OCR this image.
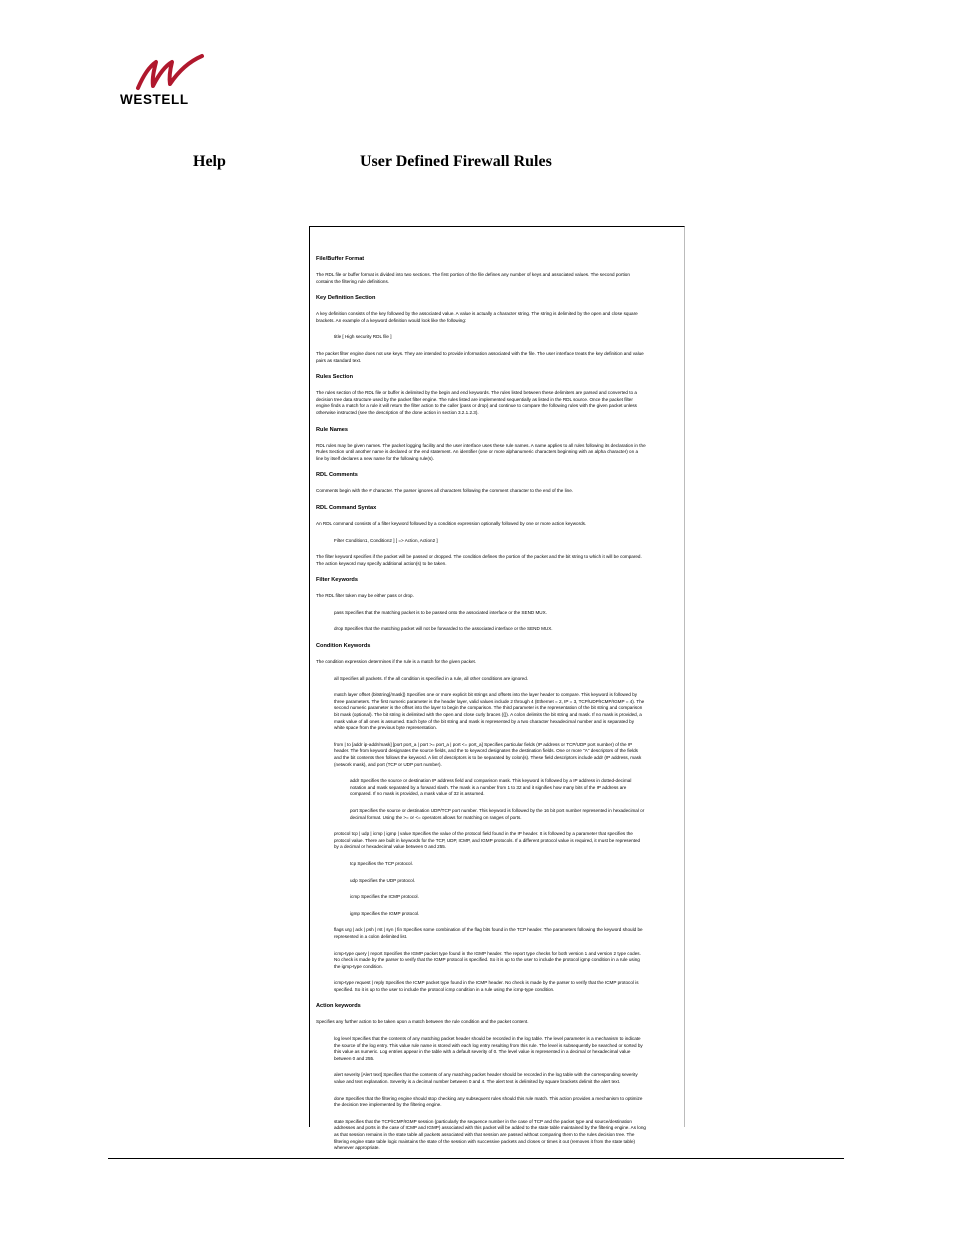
WESTELL
Help	User Defined Firewall Rules
File/Buffer Format

The RDL file or buffer format is divided into two sections. The first portion of the file defines any number of keys and associated values. The second portion contains the filtering rule definitions.

Key Definition Section

A key definition consists of the key followed by the associated value. A value is actually a character string. The string is delimited by the open and close square brackets. An example of a keyword definition would look like the following:

title [ High security RDL file ]

The packet filter engine does not use keys. They are intended to provide information associated with the file. The user interface treats the key definition and value pairs as standard text.

Rules Section

The rules section of the RDL file or buffer is delimited by the begin and end keywords. The rules listed between these delimiters are parsed and converted to a decision tree data structure used by the packet filter engine. The rules listed are implemented sequentially as listed in the RDL source. Once the packet filter engine finds a match for a rule it will return the filter action to the caller (pass or drop) and continue to compare the following rules with the given packet unless otherwise instructed (see the description of the done action in section 3.2.1.2.3).

Rule Names

RDL rules may be given names. The packet logging facility and the user interface uses these rule names. A name applies to all rules following its declaration in the Rules Section until another name is declared or the end statement. An identifier (one or more alphanumeric characters beginning with an alpha character) on a line by itself declares a new name for the following rule(s).

RDL Comments

Comments begin with the # character. The parser ignores all characters following the comment character to the end of the line.

RDL Command Syntax

An RDL command consists of a filter keyword followed by a condition expression optionally followed by one or more action keywords.

Filter Condition1, Condition2 ] [ => Action, Action2 ]

The filter keyword specifies if the packet will be passed or dropped. The condition defines the portion of the packet and the bit string to which it will be compared. The action keyword may specify additional action(s) to be taken.

Filter Keywords

The RDL filter token may be either pass or drop.

pass Specifies that the matching packet is to be passed onto the associated interface or the SEND MUX.

drop Specifies that the matching packet will not be forwarded to the associated interface or the SEND MUX.

Condition Keywords

The condition expression determines if the rule is a match for the given packet.

all Specifies all packets. If the all condition is specified in a rule, all other conditions are ignored.

match layer offset (bitstring[/mask]) Specifies one or more explicit bit strings and offsets into the layer header to compare. This keyword is followed by three parameters. The first numeric parameter is the header layer, valid values include 2 through 4 (Ethernet = 2, IP = 3, TCP/UDP/ICMP/IGMP = 4). The second numeric parameter is the offset into the layer to begin the comparison. The third parameter is the representation of the bit string and comparison bit mask (optional). The bit string is delimited with the open and close curly braces ({}). A colon delimits the bit string and mask. If no mask is provided, a mask value of all ones is assumed. Each byte of the bit string and mask is represented by a two character hexadecimal number and is separated by white space from the previous byte representation.

from | to [addr ip-addr/mask] [port port_a | port >= port_a | port <= port_a] Specifies particular fields (IP address or TCP/UDP port number) of the IP header. The from keyword designates the source fields, and the to keyword designates the destination fields. One or more "A" descriptors of the fields and the bit contents then follows the keyword. A list of descriptors is to be separated by colon(s). These field descriptors include addr (IP address, mask (network mask), and port (TCP or UDP port number).

addr Specifies the source or destination IP address field and comparison mask. This keyword is followed by a IP address in dotted-decimal notation and mask separated by a forward slash. The mask is a number from 1 to 32 and it signifies how many bits of the IP address are compared. If no mask is provided, a mask value of 32 is assumed.

port Specifies the source or destination UDP/TCP port number. This keyword is followed by the 16 bit port number represented in hexadecimal or decimal format. Using the >= or <= operators allows for matching on ranges of ports.

protocol tcp | udp | icmp | igmp | value Specifies the value of the protocol field found in the IP header. It is followed by a parameter that specifies the protocol value. There are built in keywords for the TCP, UDP, ICMP, and IGMP protocols. If a different protocol value is required, it must be represented by a decimal or hexadecimal value between 0 and 255.

tcp Specifies the TCP protocol.

udp Specifies the UDP protocol.

icmp Specifies the ICMP protocol.

igmp Specifies the IGMP protocol.

flags urg | ack | psh | rst | syn | fin Specifies some combination of the flag bits found in the TCP header. The parameters following the keyword should be represented in a colon delimited list.

icmp-type query | report Specifies the IGMP packet type found in the IGMP header. The report type checks for both version 1 and version 2 type codes. No check is made by the parser to verify that the IGMP protocol is specified. So it is up to the user to include the protocol igmp condition in a rule using the igmp-type condition.

icmp-type request | reply Specifies the ICMP packet type found in the ICMP header. No check is made by the parser to verify that the ICMP protocol is specified. So it is up to the user to include the protocol icmp condition in a rule using the icmp-type condition.

Action keywords

Specifies any further action to be taken upon a match between the rule condition and the packet content.

log level Specifies that the contents of any matching packet header should be recorded in the log table. The level parameter is a mechanism to indicate the source of the log entry. This value rule name is stored with each log entry resulting from this rule. The level is subsequently be searched or sorted by this value as numeric. Log entries appear in the table with a default severity of 0. The level value is represented in a decimal or hexadecimal value between 0 and 255.

alert severity [Alert text] Specifies that the contents of any matching packet header should be recorded in the log table with the corresponding severity value and text explanation. Severity is a decimal number between 0 and 4. The alert text is delimited by square brackets delimit the alert text.

done Specifies that the filtering engine should stop checking any subsequent rules should this rule match. This action provides a mechanism to optimize the decision tree implemented by the filtering engine.

state Specifies that the TCP/ICMP/IGMP session (particularly the sequence number in the case of TCP and the packet type and source/destination addresses and ports in the case of ICMP and IGMP) associated with this packet will be added to the state table maintained by the filtering engine. As long as that session remains in the state table all packets associated with that session are passed without comparing them to the rules decision tree. The filtering engine state table logic maintains the state of the session with successive packets and closes or times it out (removes it from the state table) whenever appropriate.
